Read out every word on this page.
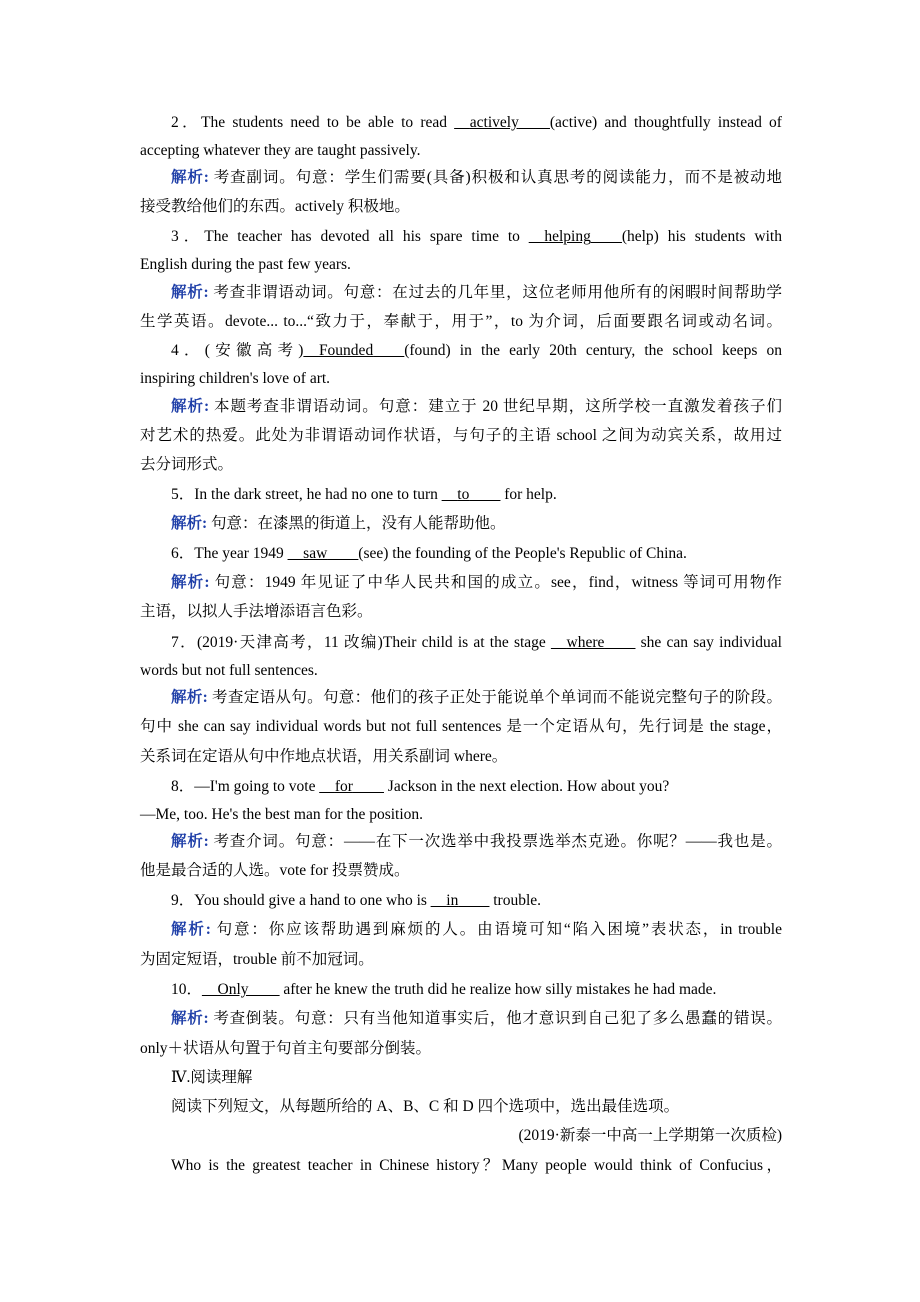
2．The students need to be able to read __actively____(active) and thoughtfully instead of
accepting whatever they are taught passively.
解析: 考查副词。句意：学生们需要(具备)积极和认真思考的阅读能力，而不是被动地
接受教给他们的东西。actively 积极地。
3．The teacher has devoted all his spare time to __helping____(help) his students with
English during the past few years.
解析: 考查非谓语动词。句意：在过去的几年里，这位老师用他所有的闲暇时间帮助学
生学英语。devote... to...“致力于，奉献于，用于”，to 为介词，后面要跟名词或动名词。
4．(安徽高考)__Founded____(found) in the early 20th century, the school keeps on
inspiring children's love of art.
解析: 本题考查非谓语动词。句意：建立于 20 世纪早期，这所学校一直激发着孩子们
对艺术的热爱。此处为非谓语动词作状语，与句子的主语 school 之间为动宾关系，故用过
去分词形式。
5．In the dark street, he had no one to turn __to____ for help.
解析: 句意：在漆黑的街道上，没有人能帮助他。
6．The year 1949 __saw____(see) the founding of the People's Republic of China.
解析: 句意：1949 年见证了中华人民共和国的成立。see，find，witness 等词可用物作
主语，以拟人手法增添语言色彩。
7．(2019·天津高考，11 改编)Their child is at the stage __where____ she can say individual
words but not full sentences.
解析: 考查定语从句。句意：他们的孩子正处于能说单个单词而不能说完整句子的阶段。
句中 she can say individual words but not full sentences 是一个定语从句，先行词是 the stage，
关系词在定语从句中作地点状语，用关系副词 where。
8．—I'm going to vote __for____ Jackson in the next election. How about you?
—Me, too. He's the best man for the position.
解析: 考查介词。句意：——在下一次选举中我投票选举杰克逊。你呢？——我也是。
他是最合适的人选。vote for 投票赞成。
9．You should give a hand to one who is __in____ trouble.
解析: 句意：你应该帮助遇到麻烦的人。由语境可知“陷入困境”表状态，in trouble
为固定短语，trouble 前不加冠词。
10．__Only____ after he knew the truth did he realize how silly mistakes he had made.
解析: 考查倒装。句意：只有当他知道事实后，他才意识到自己犯了多么愚蠢的错误。
only＋状语从句置于句首主句要部分倒装。
Ⅳ.阅读理解
阅读下列短文，从每题所给的 A、B、C 和 D 四个选项中，选出最佳选项。
(2019·新泰一中高一上学期第一次质检)
Who is the greatest teacher in Chinese history？Many people would think of Confucius，
